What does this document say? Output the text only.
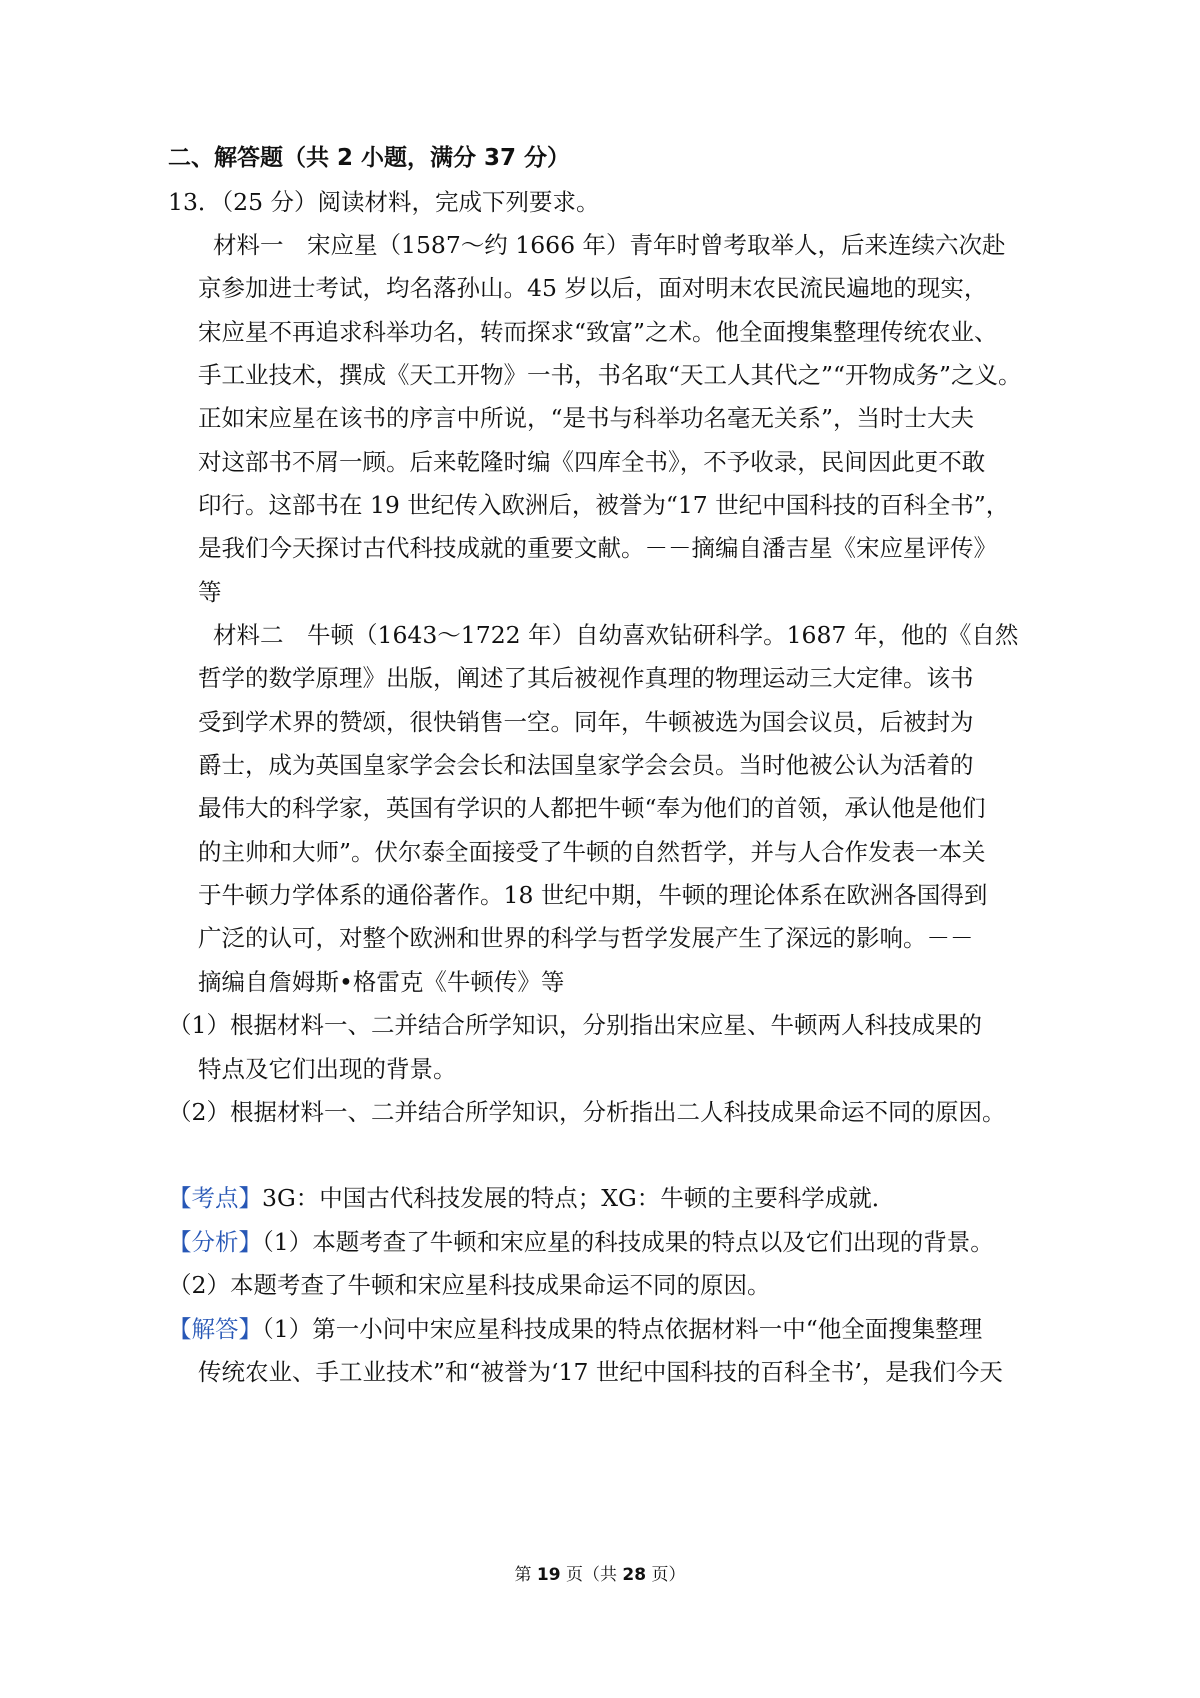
二、解答题（共 2 小题，满分 37 分）
13．（25 分）阅读材料，完成下列要求。
材料一　宋应星（1587～约 1666 年）青年时曾考取举人，后来连续六次赴
京参加进士考试，均名落孙山。45 岁以后，面对明末农民流民遍地的现实，
宋应星不再追求科举功名，转而探求“致富”之术。他全面搜集整理传统农业、
手工业技术，撰成《天工开物》一书，书名取“天工人其代之”“开物成务”之义。
正如宋应星在该书的序言中所说，“是书与科举功名毫无关系”，当时士大夫
对这部书不屑一顾。后来乾隆时编《四库全书》，不予收录，民间因此更不敢
印行。这部书在 19 世纪传入欧洲后，被誉为“17 世纪中国科技的百科全书”，
是我们今天探讨古代科技成就的重要文献。－－摘编自潘吉星《宋应星评传》
等
材料二　牛顿（1643～1722 年）自幼喜欢钻研科学。1687 年，他的《自然
哲学的数学原理》出版，阐述了其后被视作真理的物理运动三大定律。该书
受到学术界的赞颂，很快销售一空。同年，牛顿被选为国会议员，后被封为
爵士，成为英国皇家学会会长和法国皇家学会会员。当时他被公认为活着的
最伟大的科学家，英国有学识的人都把牛顿“奉为他们的首领，承认他是他们
的主帅和大师”。伏尔泰全面接受了牛顿的自然哲学，并与人合作发表一本关
于牛顿力学体系的通俗著作。18 世纪中期，牛顿的理论体系在欧洲各国得到
广泛的认可，对整个欧洲和世界的科学与哲学发展产生了深远的影响。－－
摘编自詹姆斯•格雷克《牛顿传》等
（1）根据材料一、二并结合所学知识，分别指出宋应星、牛顿两人科技成果的
特点及它们出现的背景。
（2）根据材料一、二并结合所学知识，分析指出二人科技成果命运不同的原因。
【考点】3G：中国古代科技发展的特点；XG：牛顿的主要科学成就．
【分析】（1）本题考查了牛顿和宋应星的科技成果的特点以及它们出现的背景。
（2）本题考查了牛顿和宋应星科技成果命运不同的原因。
【解答】（1）第一小问中宋应星科技成果的特点依据材料一中“他全面搜集整理
传统农业、手工业技术”和“被誉为‘17 世纪中国科技的百科全书’，是我们今天
第 19 页（共 28 页）
